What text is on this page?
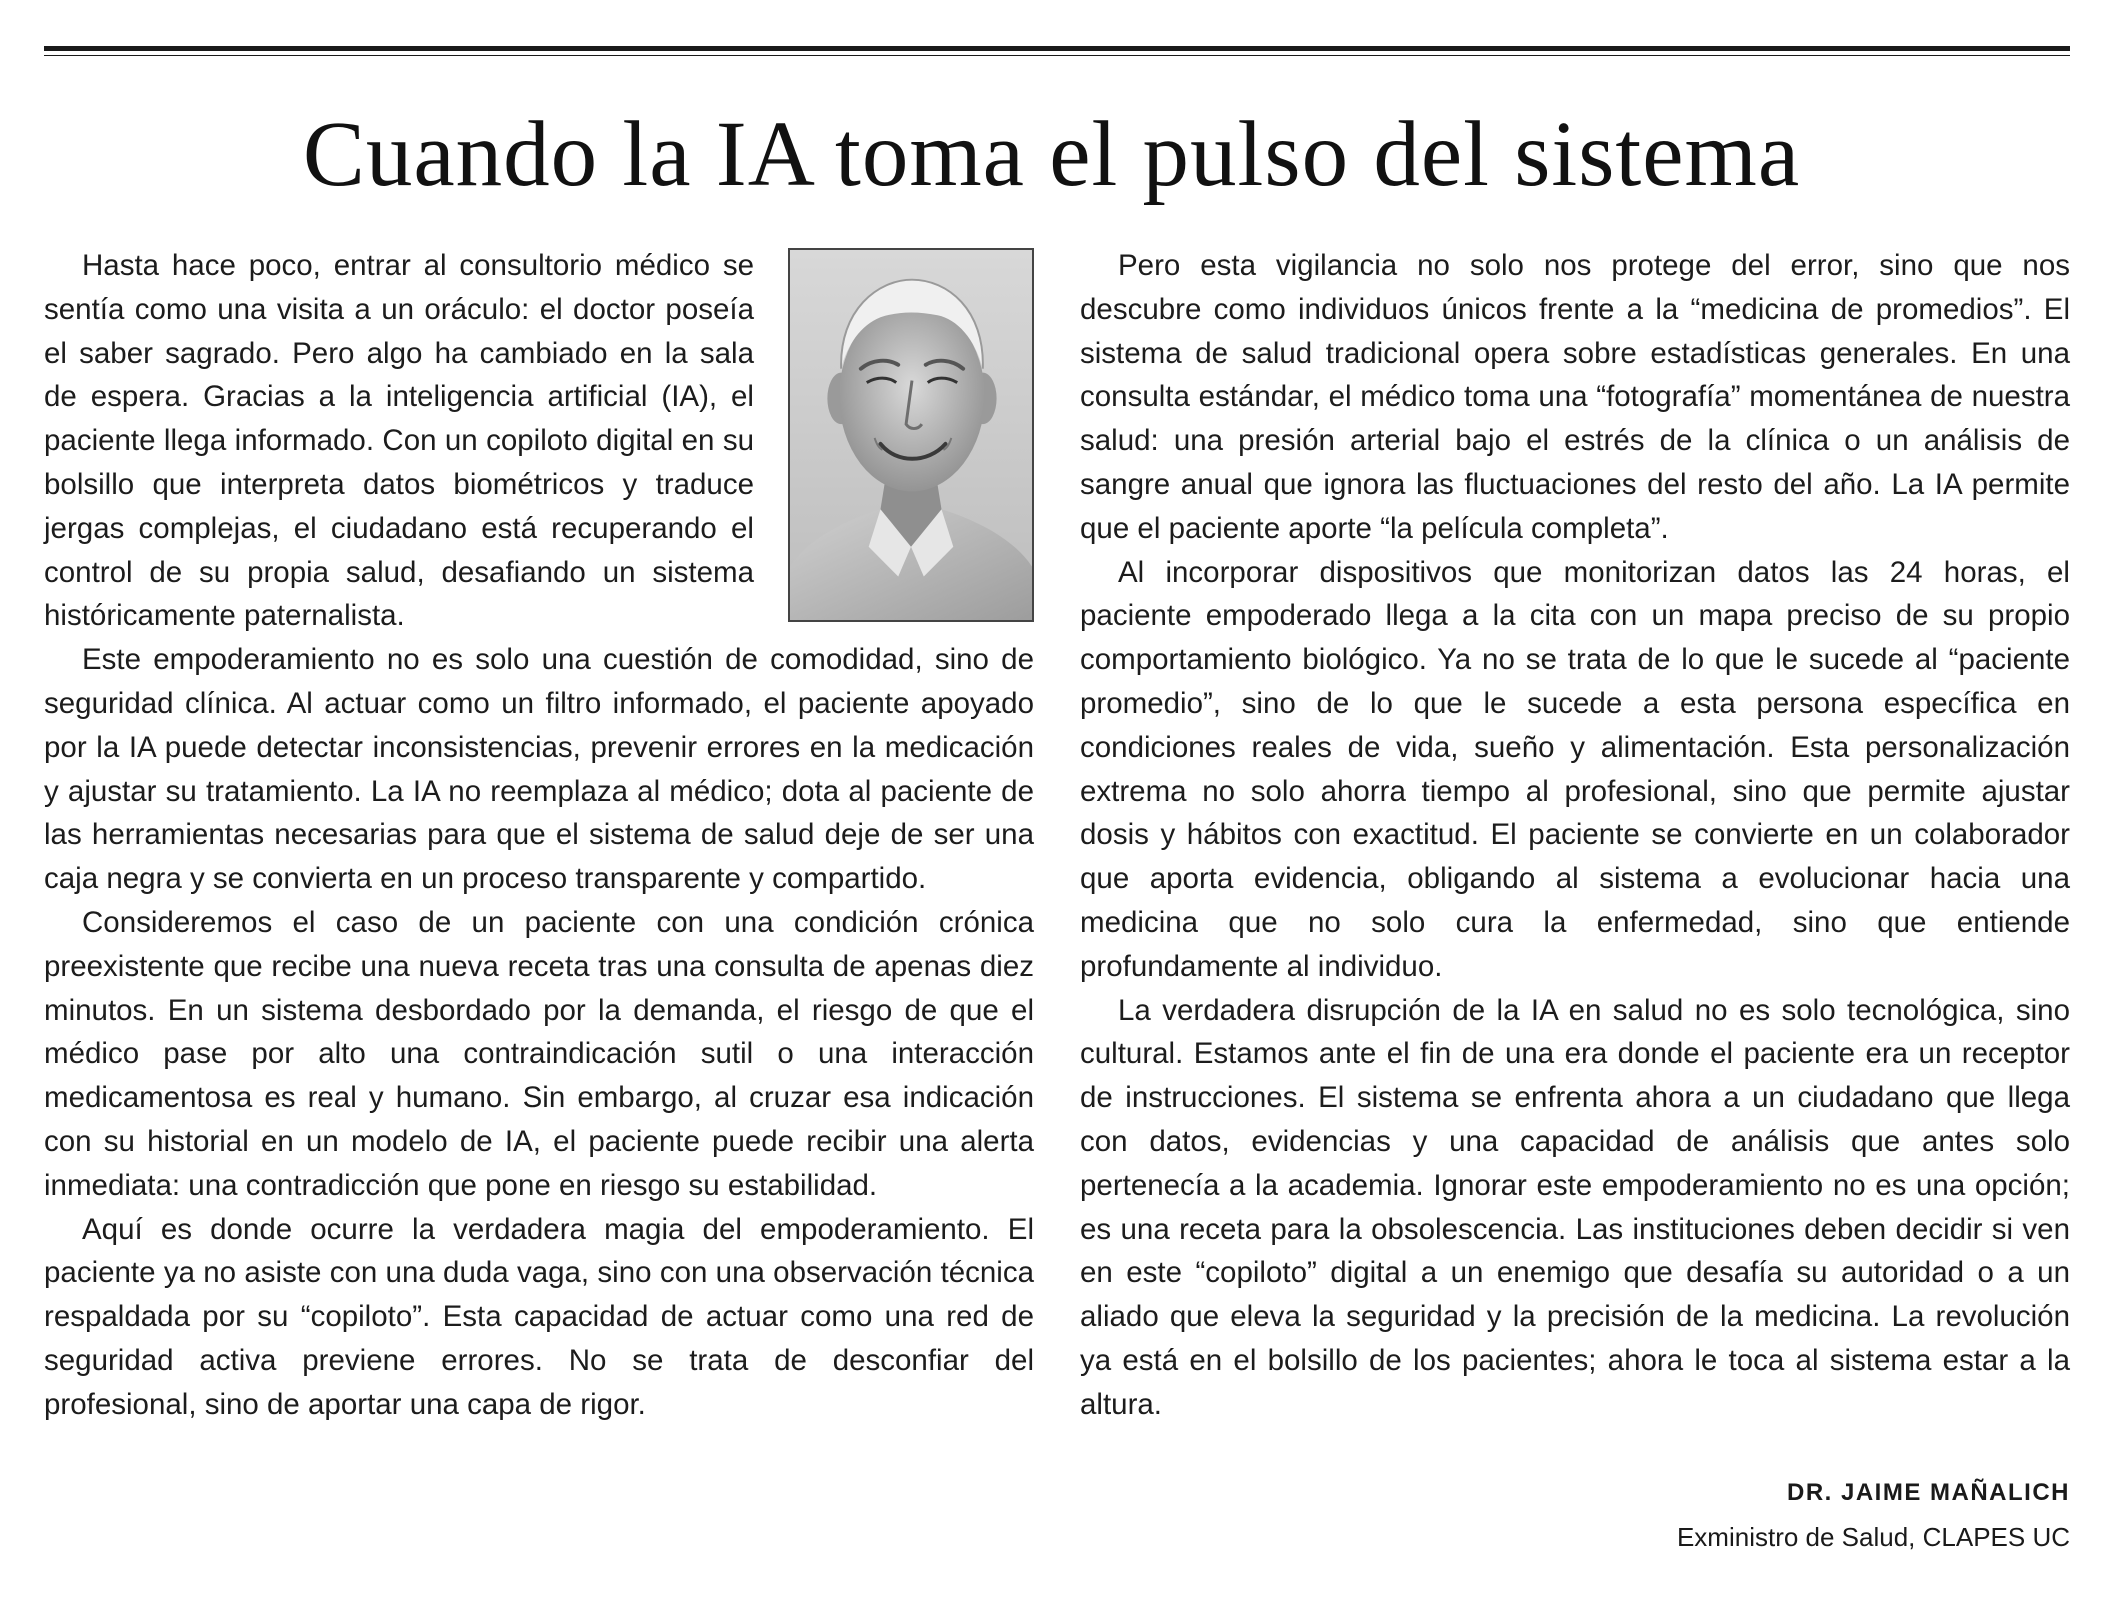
Cuando la IA toma el pulso del sistema

Hasta hace poco, entrar al consultorio médico se sentía como una visita a un oráculo: el doctor poseía el saber sagrado. Pero algo ha cambiado en la sala de espera. Gracias a la inteligencia artificial (IA), el paciente llega informado. Con un copiloto digital en su bolsillo que interpreta datos biométricos y traduce jergas complejas, el ciudadano está recuperando el control de su propia salud, desafiando un sistema históricamente paternalista.

Este empoderamiento no es solo una cuestión de comodidad, sino de seguridad clínica. Al actuar como un filtro informado, el paciente apoyado por la IA puede detectar inconsistencias, prevenir errores en la medicación y ajustar su tratamiento. La IA no reemplaza al médico; dota al paciente de las herramientas necesarias para que el sistema de salud deje de ser una caja negra y se convierta en un proceso transparente y compartido.

Consideremos el caso de un paciente con una condición crónica preexistente que recibe una nueva receta tras una consulta de apenas diez minutos. En un sistema desbordado por la demanda, el riesgo de que el médico pase por alto una contraindicación sutil o una interacción medicamentosa es real y humano. Sin embargo, al cruzar esa indicación con su historial en un modelo de IA, el paciente puede recibir una alerta inmediata: una contradicción que pone en riesgo su estabilidad.

Aquí es donde ocurre la verdadera magia del empoderamiento. El paciente ya no asiste con una duda vaga, sino con una observación técnica respaldada por su “copiloto”. Esta capacidad de actuar como una red de seguridad activa previene errores. No se trata de desconfiar del profesional, sino de aportar una capa de rigor.

Pero esta vigilancia no solo nos protege del error, sino que nos descubre como individuos únicos frente a la “medicina de promedios”. El sistema de salud tradicional opera sobre estadísticas generales. En una consulta estándar, el médico toma una “fotografía” momentánea de nuestra salud: una presión arterial bajo el estrés de la clínica o un análisis de sangre anual que ignora las fluctuaciones del resto del año. La IA permite que el paciente aporte “la película completa”.

Al incorporar dispositivos que monitorizan datos las 24 horas, el paciente empoderado llega a la cita con un mapa preciso de su propio comportamiento biológico. Ya no se trata de lo que le sucede al “paciente promedio”, sino de lo que le sucede a esta persona específica en condiciones reales de vida, sueño y alimentación. Esta personalización extrema no solo ahorra tiempo al profesional, sino que permite ajustar dosis y hábitos con exactitud. El paciente se convierte en un colaborador que aporta evidencia, obligando al sistema a evolucionar hacia una medicina que no solo cura la enfermedad, sino que entiende profundamente al individuo.

La verdadera disrupción de la IA en salud no es solo tecnológica, sino cultural. Estamos ante el fin de una era donde el paciente era un receptor de instrucciones. El sistema se enfrenta ahora a un ciudadano que llega con datos, evidencias y una capacidad de análisis que antes solo pertenecía a la academia. Ignorar este empoderamiento no es una opción; es una receta para la obsolescencia. Las instituciones deben decidir si ven en este “copiloto” digital a un enemigo que desafía su autoridad o a un aliado que eleva la seguridad y la precisión de la medicina. La revolución ya está en el bolsillo de los pacientes; ahora le toca al sistema estar a la altura.

DR. JAIME MAÑALICH
Exministro de Salud, CLAPES UC
